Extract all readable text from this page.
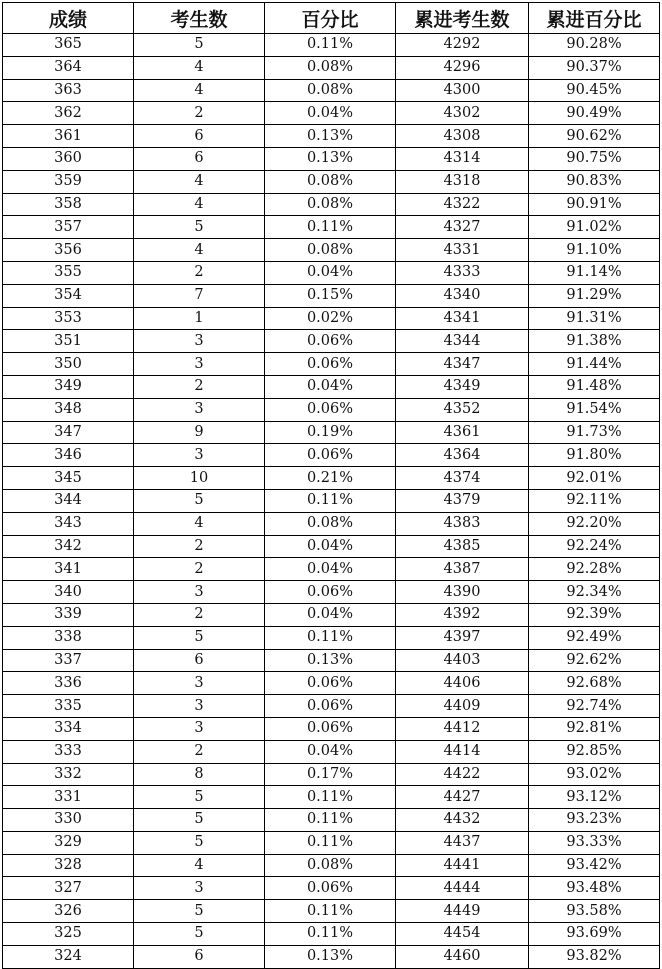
成绩	考生数	百分比	累进考生数	累进百分比
365	5	0.11%	4292	90.28%
364	4	0.08%	4296	90.37%
363	4	0.08%	4300	90.45%
362	2	0.04%	4302	90.49%
361	6	0.13%	4308	90.62%
360	6	0.13%	4314	90.75%
359	4	0.08%	4318	90.83%
358	4	0.08%	4322	90.91%
357	5	0.11%	4327	91.02%
356	4	0.08%	4331	91.10%
355	2	0.04%	4333	91.14%
354	7	0.15%	4340	91.29%
353	1	0.02%	4341	91.31%
351	3	0.06%	4344	91.38%
350	3	0.06%	4347	91.44%
349	2	0.04%	4349	91.48%
348	3	0.06%	4352	91.54%
347	9	0.19%	4361	91.73%
346	3	0.06%	4364	91.80%
345	10	0.21%	4374	92.01%
344	5	0.11%	4379	92.11%
343	4	0.08%	4383	92.20%
342	2	0.04%	4385	92.24%
341	2	0.04%	4387	92.28%
340	3	0.06%	4390	92.34%
339	2	0.04%	4392	92.39%
338	5	0.11%	4397	92.49%
337	6	0.13%	4403	92.62%
336	3	0.06%	4406	92.68%
335	3	0.06%	4409	92.74%
334	3	0.06%	4412	92.81%
333	2	0.04%	4414	92.85%
332	8	0.17%	4422	93.02%
331	5	0.11%	4427	93.12%
330	5	0.11%	4432	93.23%
329	5	0.11%	4437	93.33%
328	4	0.08%	4441	93.42%
327	3	0.06%	4444	93.48%
326	5	0.11%	4449	93.58%
325	5	0.11%	4454	93.69%
324	6	0.13%	4460	93.82%
